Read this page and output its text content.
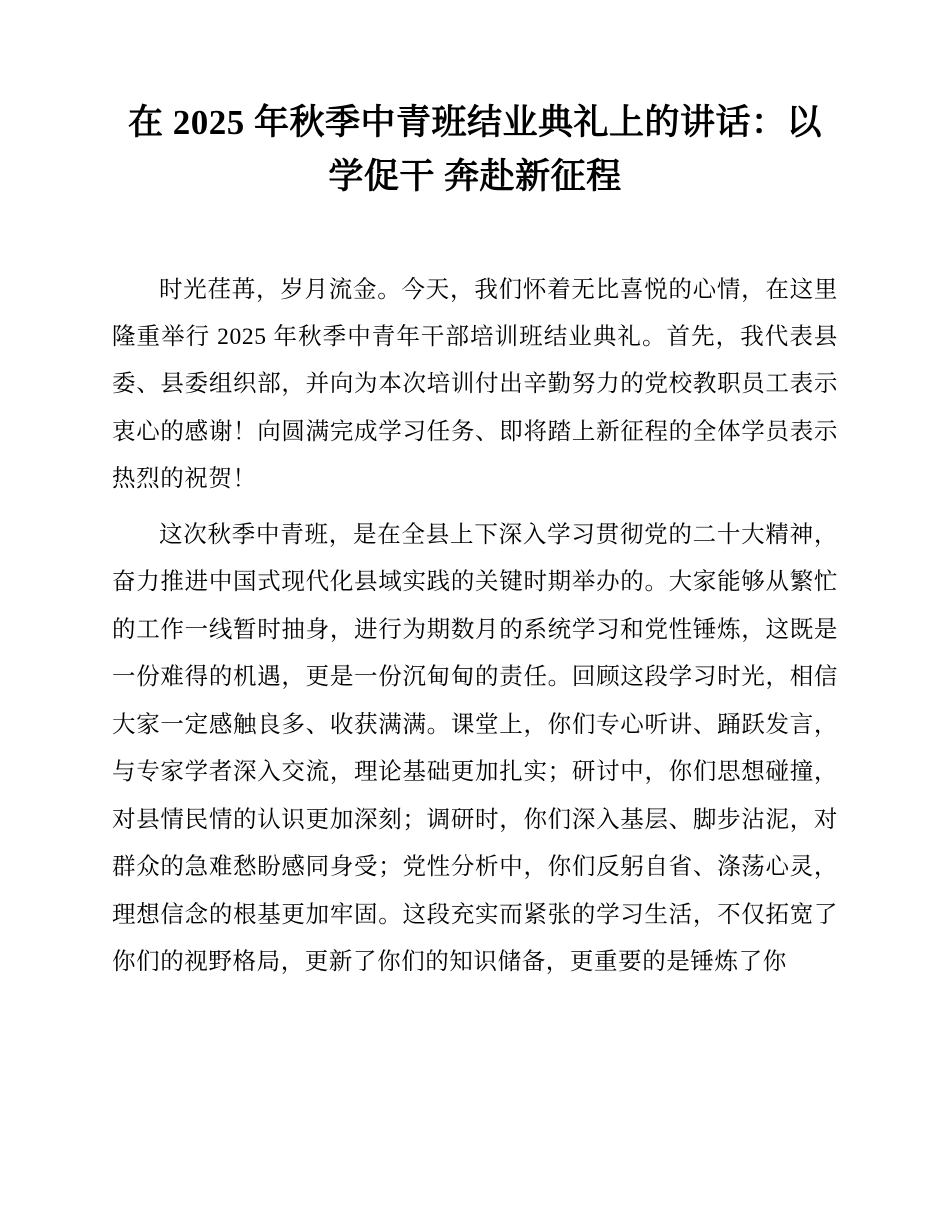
在 2025 年秋季中青班结业典礼上的讲话：以学促干 奔赴新征程

时光荏苒，岁月流金。今天，我们怀着无比喜悦的心情，在这里隆重举行 2025 年秋季中青年干部培训班结业典礼。首先，我代表县委、县委组织部，并向为本次培训付出辛勤努力的党校教职员工表示衷心的感谢！向圆满完成学习任务、即将踏上新征程的全体学员表示热烈的祝贺！

这次秋季中青班，是在全县上下深入学习贯彻党的二十大精神，奋力推进中国式现代化县域实践的关键时期举办的。大家能够从繁忙的工作一线暂时抽身，进行为期数月的系统学习和党性锤炼，这既是一份难得的机遇，更是一份沉甸甸的责任。回顾这段学习时光，相信大家一定感触良多、收获满满。课堂上，你们专心听讲、踊跃发言，与专家学者深入交流，理论基础更加扎实；研讨中，你们思想碰撞，对县情民情的认识更加深刻；调研时，你们深入基层、脚步沾泥，对群众的急难愁盼感同身受；党性分析中，你们反躬自省、涤荡心灵，理想信念的根基更加牢固。这段充实而紧张的学习生活，不仅拓宽了你们的视野格局，更新了你们的知识储备，更重要的是锤炼了你
